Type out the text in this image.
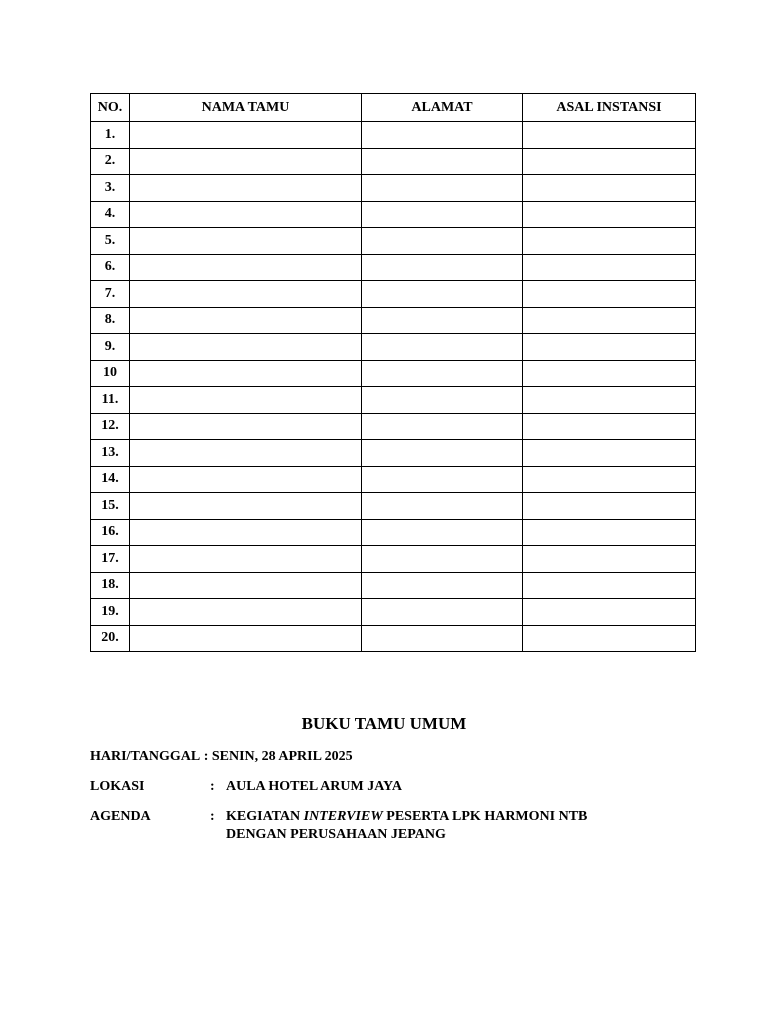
NO.	NAMA TAMU	ALAMAT	ASAL INSTANSI
1.			
2.			
3.			
4.			
5.			
6.			
7.			
8.			
9.			
10			
11.			
12.			
13.			
14.			
15.			
16.			
17.			
18.			
19.			
20.			
BUKU TAMU UMUM
HARI/TANGGAL : SENIN, 28 APRIL 2025
LOKASI	: AULA HOTEL ARUM JAYA
AGENDA	: KEGIATAN INTERVIEW PESERTA LPK HARMONI NTB
DENGAN PERUSAHAAN JEPANG
